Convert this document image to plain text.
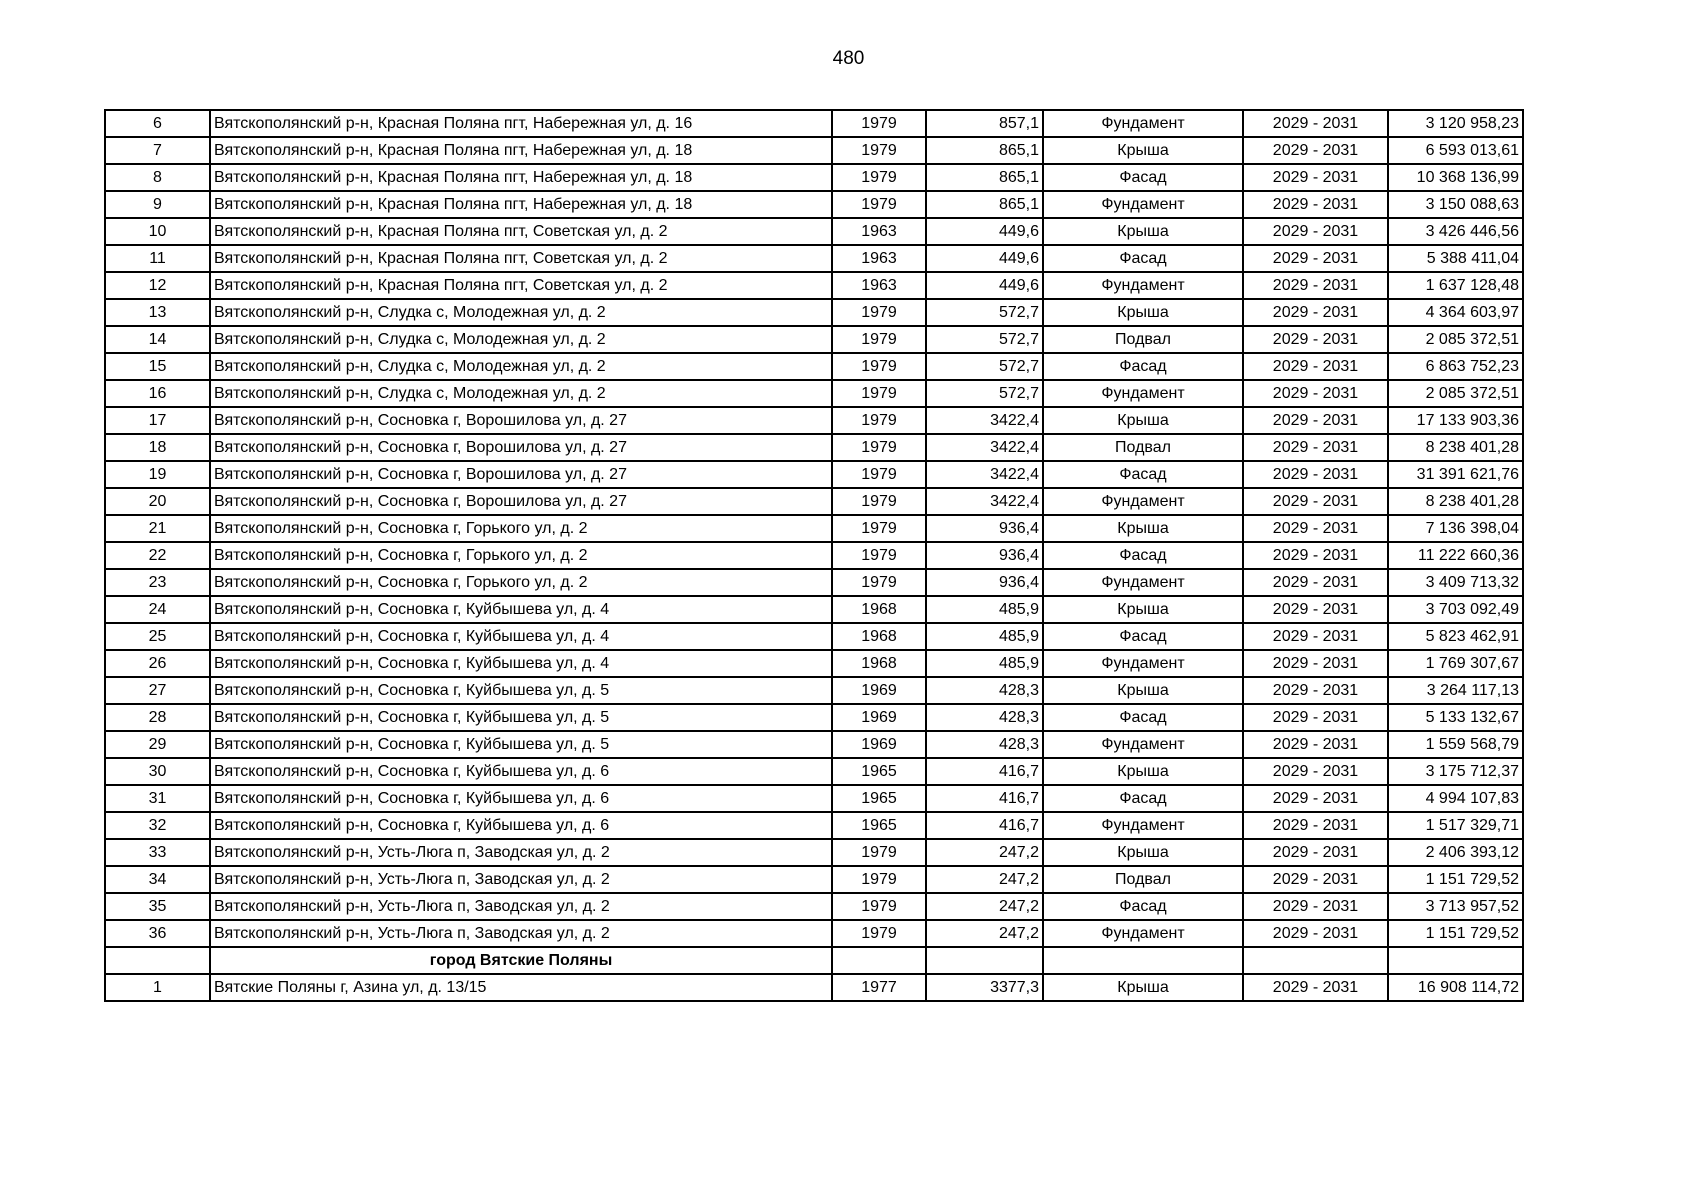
480
6	Вятскополянский р-н, Красная Поляна пгт, Набережная ул, д. 16	1979	857,1	Фундамент	2029 - 2031	3 120 958,23
7	Вятскополянский р-н, Красная Поляна пгт, Набережная ул, д. 18	1979	865,1	Крыша	2029 - 2031	6 593 013,61
8	Вятскополянский р-н, Красная Поляна пгт, Набережная ул, д. 18	1979	865,1	Фасад	2029 - 2031	10 368 136,99
9	Вятскополянский р-н, Красная Поляна пгт, Набережная ул, д. 18	1979	865,1	Фундамент	2029 - 2031	3 150 088,63
10	Вятскополянский р-н, Красная Поляна пгт, Советская ул, д. 2	1963	449,6	Крыша	2029 - 2031	3 426 446,56
11	Вятскополянский р-н, Красная Поляна пгт, Советская ул, д. 2	1963	449,6	Фасад	2029 - 2031	5 388 411,04
12	Вятскополянский р-н, Красная Поляна пгт, Советская ул, д. 2	1963	449,6	Фундамент	2029 - 2031	1 637 128,48
13	Вятскополянский р-н, Слудка с, Молодежная ул, д. 2	1979	572,7	Крыша	2029 - 2031	4 364 603,97
14	Вятскополянский р-н, Слудка с, Молодежная ул, д. 2	1979	572,7	Подвал	2029 - 2031	2 085 372,51
15	Вятскополянский р-н, Слудка с, Молодежная ул, д. 2	1979	572,7	Фасад	2029 - 2031	6 863 752,23
16	Вятскополянский р-н, Слудка с, Молодежная ул, д. 2	1979	572,7	Фундамент	2029 - 2031	2 085 372,51
17	Вятскополянский р-н, Сосновка г, Ворошилова ул, д. 27	1979	3422,4	Крыша	2029 - 2031	17 133 903,36
18	Вятскополянский р-н, Сосновка г, Ворошилова ул, д. 27	1979	3422,4	Подвал	2029 - 2031	8 238 401,28
19	Вятскополянский р-н, Сосновка г, Ворошилова ул, д. 27	1979	3422,4	Фасад	2029 - 2031	31 391 621,76
20	Вятскополянский р-н, Сосновка г, Ворошилова ул, д. 27	1979	3422,4	Фундамент	2029 - 2031	8 238 401,28
21	Вятскополянский р-н, Сосновка г, Горького ул, д. 2	1979	936,4	Крыша	2029 - 2031	7 136 398,04
22	Вятскополянский р-н, Сосновка г, Горького ул, д. 2	1979	936,4	Фасад	2029 - 2031	11 222 660,36
23	Вятскополянский р-н, Сосновка г, Горького ул, д. 2	1979	936,4	Фундамент	2029 - 2031	3 409 713,32
24	Вятскополянский р-н, Сосновка г, Куйбышева ул, д. 4	1968	485,9	Крыша	2029 - 2031	3 703 092,49
25	Вятскополянский р-н, Сосновка г, Куйбышева ул, д. 4	1968	485,9	Фасад	2029 - 2031	5 823 462,91
26	Вятскополянский р-н, Сосновка г, Куйбышева ул, д. 4	1968	485,9	Фундамент	2029 - 2031	1 769 307,67
27	Вятскополянский р-н, Сосновка г, Куйбышева ул, д. 5	1969	428,3	Крыша	2029 - 2031	3 264 117,13
28	Вятскополянский р-н, Сосновка г, Куйбышева ул, д. 5	1969	428,3	Фасад	2029 - 2031	5 133 132,67
29	Вятскополянский р-н, Сосновка г, Куйбышева ул, д. 5	1969	428,3	Фундамент	2029 - 2031	1 559 568,79
30	Вятскополянский р-н, Сосновка г, Куйбышева ул, д. 6	1965	416,7	Крыша	2029 - 2031	3 175 712,37
31	Вятскополянский р-н, Сосновка г, Куйбышева ул, д. 6	1965	416,7	Фасад	2029 - 2031	4 994 107,83
32	Вятскополянский р-н, Сосновка г, Куйбышева ул, д. 6	1965	416,7	Фундамент	2029 - 2031	1 517 329,71
33	Вятскополянский р-н, Усть-Люга п, Заводская ул, д. 2	1979	247,2	Крыша	2029 - 2031	2 406 393,12
34	Вятскополянский р-н, Усть-Люга п, Заводская ул, д. 2	1979	247,2	Подвал	2029 - 2031	1 151 729,52
35	Вятскополянский р-н, Усть-Люга п, Заводская ул, д. 2	1979	247,2	Фасад	2029 - 2031	3 713 957,52
36	Вятскополянский р-н, Усть-Люга п, Заводская ул, д. 2	1979	247,2	Фундамент	2029 - 2031	1 151 729,52
	город Вятские Поляны					
1	Вятские Поляны г, Азина ул, д. 13/15	1977	3377,3	Крыша	2029 - 2031	16 908 114,72
